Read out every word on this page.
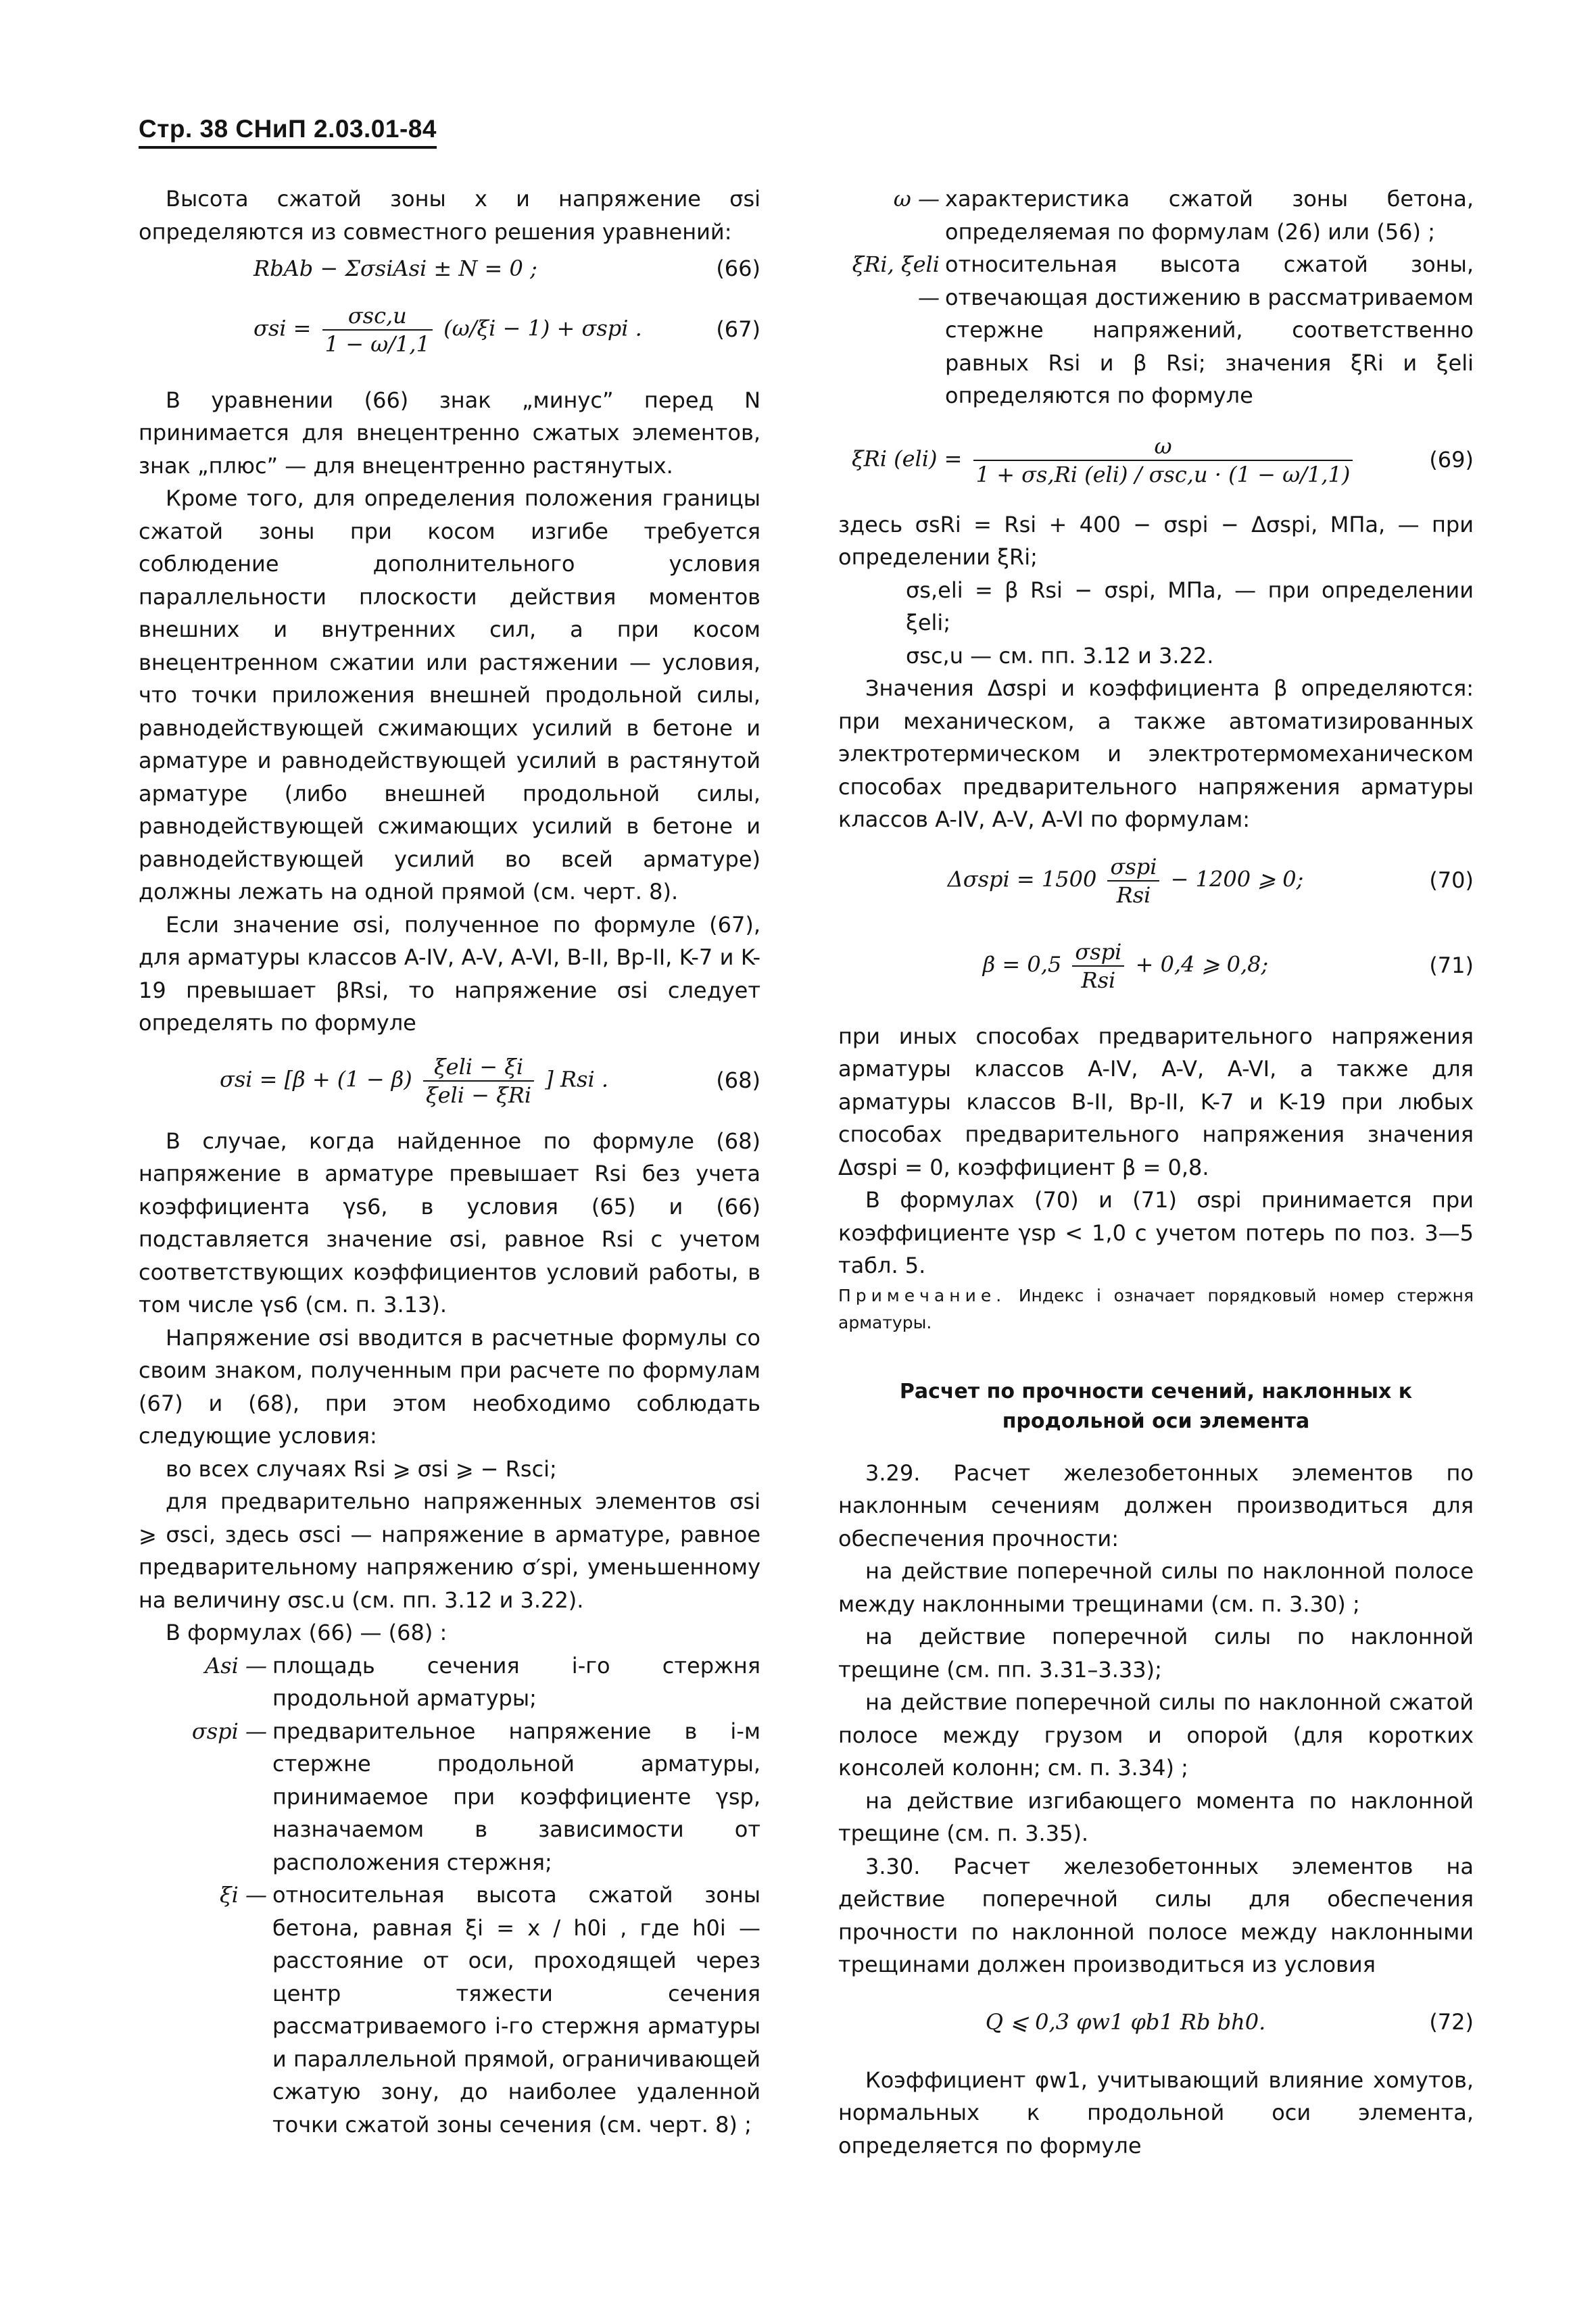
Стр. 38 СНиП 2.03.01-84

Высота сжатой зоны x и напряжение σsi определяются из совместного решения уравнений:

RbAb − ΣσsiAsi ± N = 0 ;	(66)
$\sigma si = \frac{\text{σsc,u}}{1 - \omega/1,1} (\omega/\xi i - 1) + \sigma spi$ .	(67)

В уравнении (66) знак „минус” перед N принимается для внецентренно сжатых элементов, знак „плюс” — для внецентренно растянутых.

Кроме того, для определения положения границы сжатой зоны при косом изгибе требуется соблюдение дополнительного условия параллельности плоскости действия моментов внешних и внутренних сил, а при косом внецентренном сжатии или растяжении — условия, что точки приложения внешней продольной силы, равнодействующей сжимающих усилий в бетоне и арматуре и равнодействующей усилий в растянутой арматуре (либо внешней продольной силы, равнодействующей сжимающих усилий в бетоне и равнодействующей усилий во всей арматуре) должны лежать на одной прямой (см. черт. 8).

Если значение σsi, полученное по формуле (67), для арматуры классов A-IV, A-V, A-VI, B-II, Bp-II, K-7 и K-19 превышает βRsi, то напряжение σsi следует определять по формуле

$\sigma si = [\beta + (1 - \beta) \frac{\text{ξeli − ξi}}{\text{ξeli − ξRi}}$ ] Rsi .	(68)

В случае, когда найденное по формуле (68) напряжение в арматуре превышает Rsi без учета коэффициента γs6, в условия (65) и (66) подставляется значение σsi, равное Rsi с учетом соответствующих коэффициентов условий работы, в том числе γs6 (см. п. 3.13).

Напряжение σsi вводится в расчетные формулы со своим знаком, полученным при расчете по формулам (67) и (68), при этом необходимо соблюдать следующие условия:

во всех случаях Rsi ⩾ σsi ⩾ − Rsci;

для предварительно напряженных элементов σsi ⩾ σsci, здесь σsci — напряжение в арматуре, равное предварительному напряжению σ′spi, уменьшенному на величину σsc.u (см. пп. 3.12 и 3.22).

В формулах (66) — (68) :

Asi — площадь сечения i-го стержня продольной арматуры;
σspi — предварительное напряжение в i-м стержне продольной арматуры, принимаемое при коэффициенте γsp, назначаемом в зависимости от расположения стержня;
ξi — относительная высота сжатой зоны бетона, равная ξi = x / h0i , где h0i — расстояние от оси, проходящей через центр тяжести сечения рассматриваемого i-го стержня арматуры и параллельной прямой, ограничивающей сжатую зону, до наиболее удаленной точки сжатой зоны сечения (см. черт. 8) ;
ω — характеристика сжатой зоны бетона, определяемая по формулам (26) или (56) ;
ξRi, ξeli —
относительная высота сжатой зоны, отвечающая достижению в рассматриваемом стержне напряжений, соответственно равных Rsi и β Rsi; значения ξRi и ξeli определяются по формуле
ξRi $(eli) = \frac{\omega}{\text{1 + σs,Ri (eli) / σsc,u · (1 − ω/1,1)}}$	(69)

здесь σsRi = Rsi + 400 − σspi − Δσspi, МПа, — при определении ξRi;

σs,eli = β Rsi − σspi, МПа, — при определении ξeli;

σsc,u — см. пп. 3.12 и 3.22.

Значения Δσspi и коэффициента β определяются: при механическом, а также автоматизированных электротермическом и электротермомеханическом способах предварительного напряжения арматуры классов A-IV, A-V, A-VI по формулам:

$\Delta\sigma spi = 1500 \frac{\text{σspi}}{\text{Rsi}} - 1200$ ⩾ 0;	(70)
$\beta = 0,5 \frac{\text{σspi}}{\text{Rsi}} + 0,4$ ⩾ 0,8;	(71)

при иных способах предварительного напряжения арматуры классов A-IV, A-V, A-VI, а также для арматуры классов B-II, Bp-II, K-7 и K-19 при любых способах предварительного напряжения значения Δσspi = 0, коэффициент β = 0,8.

В формулах (70) и (71) σspi принимается при коэффициенте γsp < 1,0 с учетом потерь по поз. 3—5 табл. 5.

Примечание. Индекс i означает порядковый номер стержня арматуры.

Расчет по прочности сечений, наклонных к продольной оси элемента

3.29. Расчет железобетонных элементов по наклонным сечениям должен производиться для обеспечения прочности:

на действие поперечной силы по наклонной полосе между наклонными трещинами (см. п. 3.30) ;

на действие поперечной силы по наклонной трещине (см. пп. 3.31–3.33);

на действие поперечной силы по наклонной сжатой полосе между грузом и опорой (для коротких консолей колонн; см. п. 3.34) ;

на действие изгибающего момента по наклонной трещине (см. п. 3.35).

3.30. Расчет железобетонных элементов на действие поперечной силы для обеспечения прочности по наклонной полосе между наклонными трещинами должен производиться из условия

Q ⩽ 0,3 φw1 φb1 Rb bh0.	(72)

Коэффициент φw1, учитывающий влияние хомутов, нормальных к продольной оси элемента, определяется по формуле
